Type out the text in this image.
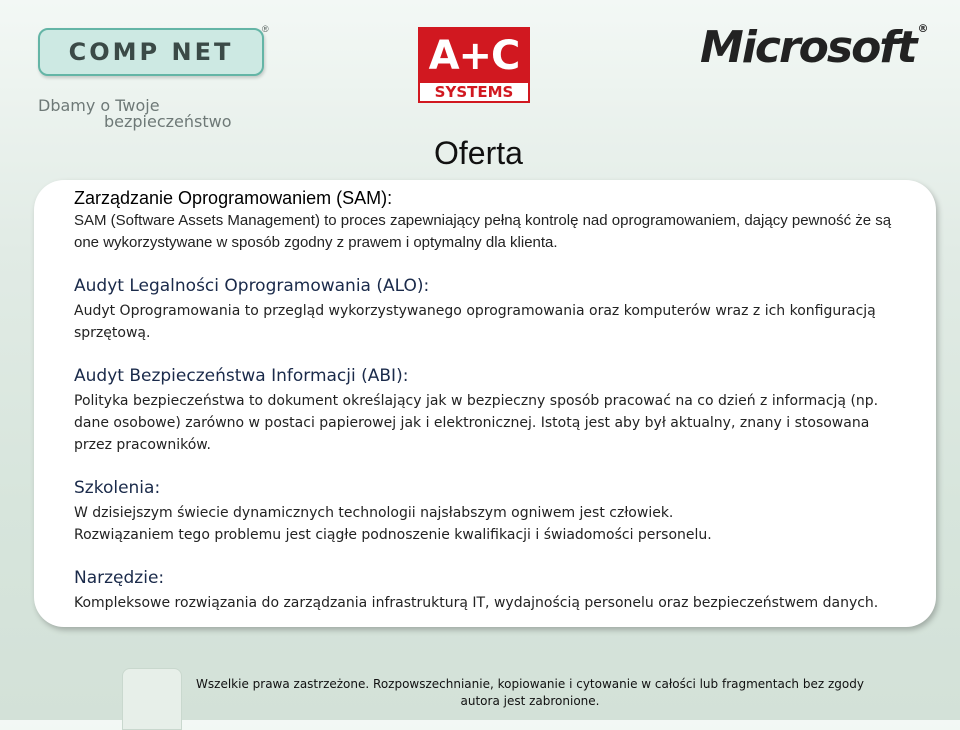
COMP NET
®
Dbamy o Twoje
bezpieczeństwo
A+C
SYSTEMS
Microsoft ®
Oferta
Zarządzanie Oprogramowaniem (SAM):

SAM (Software Assets Management) to proces zapewniający pełną kontrolę nad oprogramowaniem, dający pewność że są one wykorzystywane w sposób zgodny z prawem i optymalny dla klienta.

Audyt Legalności Oprogramowania (ALO):

Audyt Oprogramowania to przegląd wykorzystywanego oprogramowania oraz komputerów wraz z ich konfiguracją sprzętową.

Audyt Bezpieczeństwa Informacji (ABI):

Polityka bezpieczeństwa to dokument określający jak w bezpieczny sposób pracować na co dzień z informacją (np. dane osobowe) zarówno w postaci papierowej jak i elektronicznej. Istotą jest aby był aktualny, znany i stosowana przez pracowników.

Szkolenia:

W dzisiejszym świecie dynamicznych technologii najsłabszym ogniwem jest człowiek.
Rozwiązaniem tego problemu jest ciągłe podnoszenie kwalifikacji i świadomości personelu.

Narzędzie:

Kompleksowe rozwiązania do zarządzania infrastrukturą IT, wydajnością personelu oraz bezpieczeństwem danych.

Wszelkie prawa zastrzeżone. Rozpowszechnianie, kopiowanie i cytowanie w całości lub fragmentach bez zgody
autora jest zabronione.
